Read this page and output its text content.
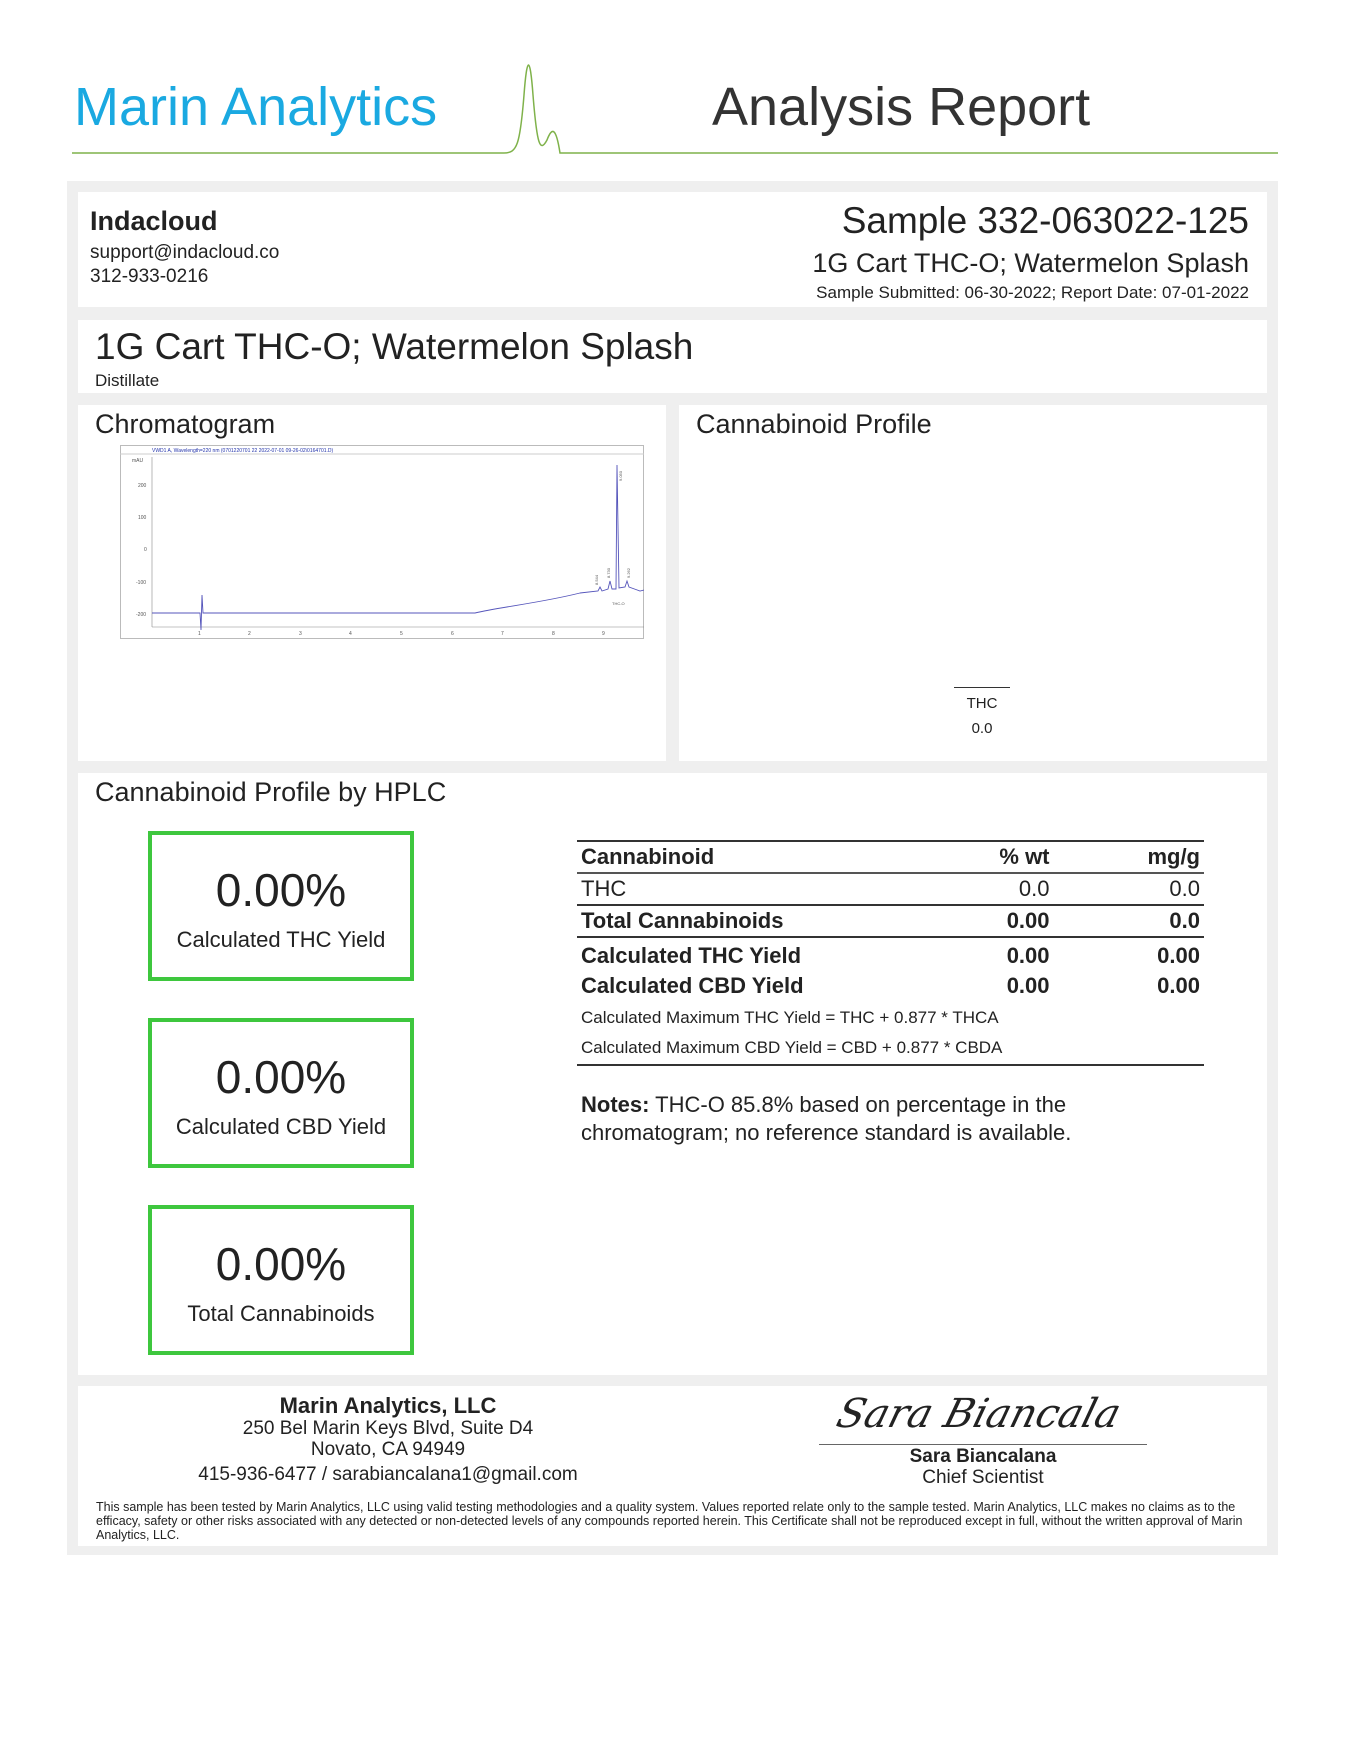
Marin Analytics	Analysis Report
Indacloud
support@indacloud.co
312-933-0216
Sample 332-063022-125
1G Cart THC-O; Watermelon Splash
Sample Submitted: 06-30-2022; Report Date: 07-01-2022
1G Cart THC-O; Watermelon Splash
Distillate
Chromatogram
VWD1 A, Wavelength=220 nm (0701220701 22 2022-07-01 09-26-02\0164701.D)
mAU
200
100
0
-100
-200
1	2	3	4	5	6	7	8	9
8.544
8.730
9.050
9.262
THC-O
Cannabinoid Profile
THC
0.0
Cannabinoid Profile by HPLC
0.00%
Calculated THC Yield
0.00%
Calculated CBD Yield
0.00%
Total Cannabinoids
Cannabinoid	% wt	mg/g
THC	0.0	0.0
Total Cannabinoids	0.00	0.0
Calculated THC Yield	0.00	0.00
Calculated CBD Yield	0.00	0.00
Calculated Maximum THC Yield = THC + 0.877 * THCA		
Calculated Maximum CBD Yield = CBD + 0.877 * CBDA		
Notes: THC-O 85.8% based on percentage in the chromatogram; no reference standard is available.
Marin Analytics, LLC
250 Bel Marin Keys Blvd, Suite D4
Novato, CA 94949
415-936-6477 / sarabiancalana1@gmail.com
Sara Biancala
Sara Biancalana
Chief Scientist
This sample has been tested by Marin Analytics, LLC using valid testing methodologies and a quality system. Values reported relate only to the sample tested. Marin Analytics, LLC makes no claims as to the efficacy, safety or other risks associated with any detected or non-detected levels of any compounds reported herein. This Certificate shall not be reproduced except in full, without the written approval of Marin Analytics, LLC.
